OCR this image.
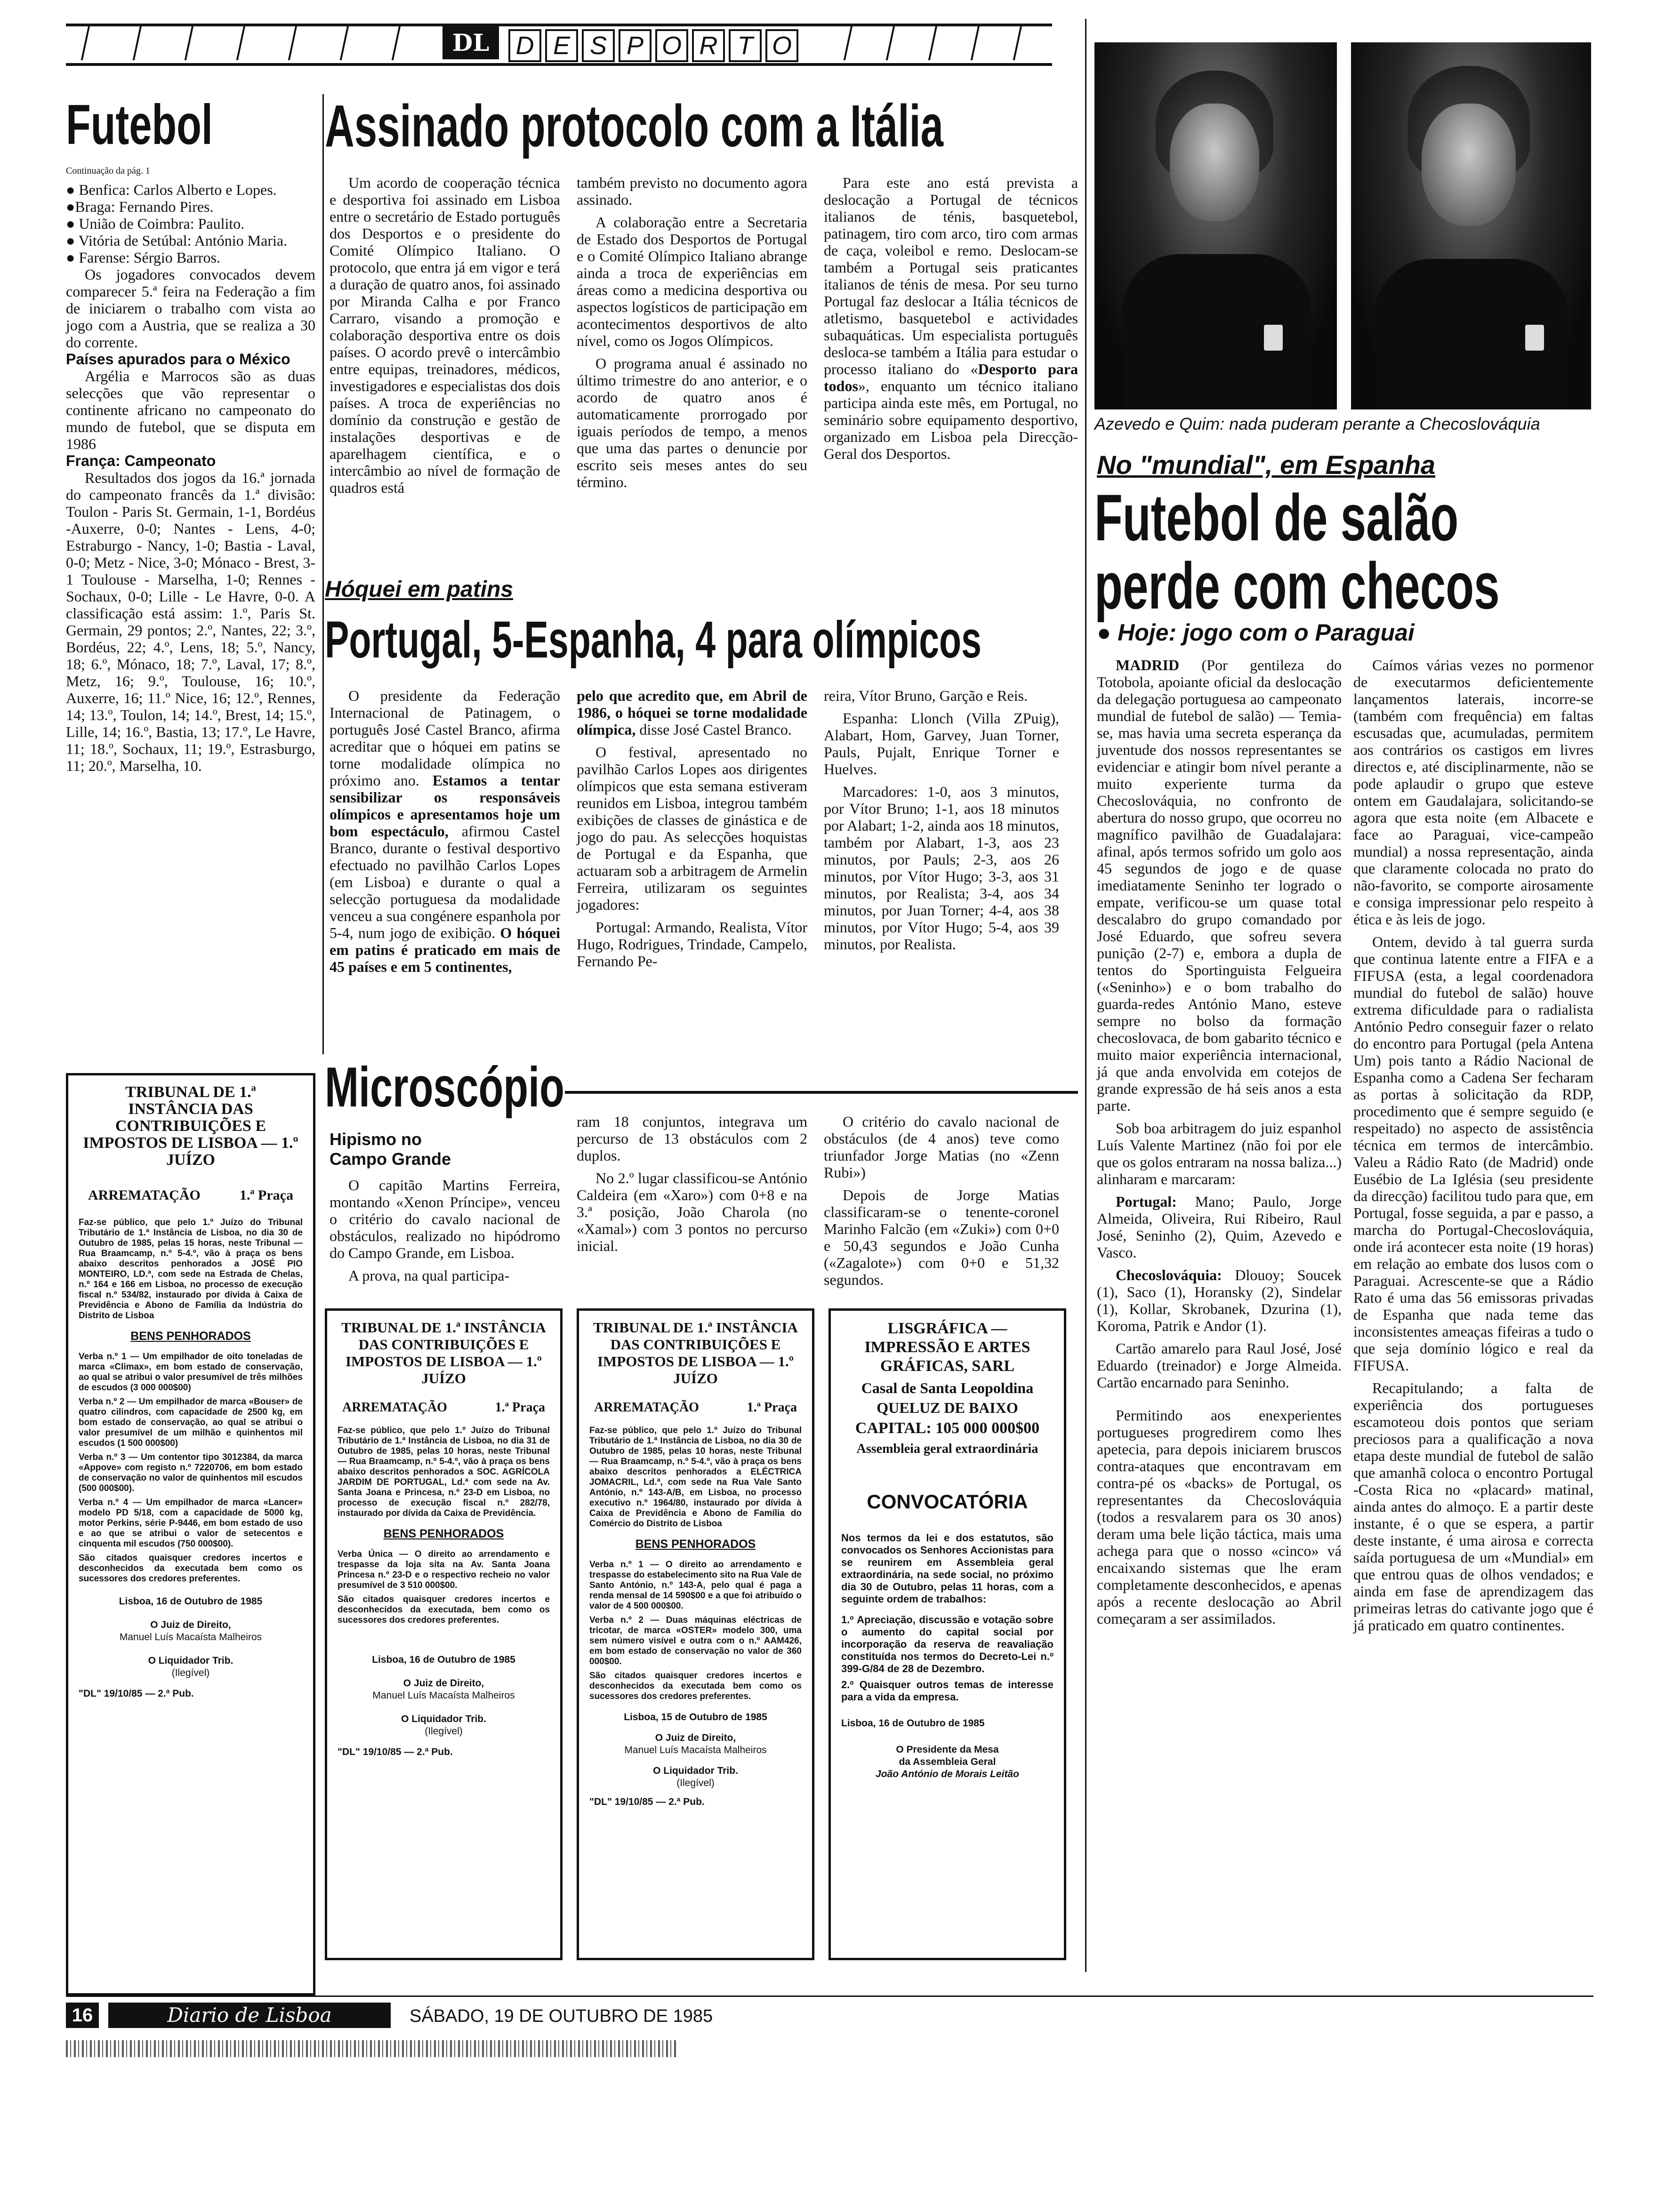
DL	D E S P O R T O
Futebol
Continuação da pág. 1

● Benfica: Carlos Alberto e Lopes.

●Braga: Fernando Pires.

● União de Coimbra: Paulito.

● Vitória de Setúbal: António Maria.

● Farense: Sérgio Barros.

Os jogadores convocados devem comparecer 5.ª feira na Federação a fim de iniciarem o trabalho com vista ao jogo com a Austria, que se realiza a 30 do corrente.

Países apurados para o México

Argélia e Marrocos são as duas selecções que vão representar o continente africano no campeonato do mundo de futebol, que se disputa em 1986

França: Campeonato

Resultados dos jogos da 16.ª jornada do campeonato francês da 1.ª divisão: Toulon - Paris St. Germain, 1-1, Bordéus -Auxerre, 0-0; Nantes - Lens, 4-0; Estraburgo - Nancy, 1-0; Bastia - Laval, 0-0; Metz - Nice, 3-0; Mónaco - Brest, 3-1 Toulouse - Marselha, 1-0; Rennes -Sochaux, 0-0; Lille - Le Havre, 0-0. A classificação está assim: 1.º, Paris St. Germain, 29 pontos; 2.º, Nantes, 22; 3.º, Bordéus, 22; 4.º, Lens, 18; 5.º, Nancy, 18; 6.º, Mónaco, 18; 7.º, Laval, 17; 8.º, Metz, 16; 9.º, Toulouse, 16; 10.º, Auxerre, 16; 11.º Nice, 16; 12.º, Rennes, 14; 13.º, Toulon, 14; 14.º, Brest, 14; 15.º, Lille, 14; 16.º, Bastia, 13; 17.º, Le Havre, 11; 18.º, Sochaux, 11; 19.º, Estrasburgo, 11; 20.º, Marselha, 10.

Assinado protocolo com a Itália

Um acordo de cooperação técnica e desportiva foi assinado em Lisboa entre o secretário de Estado português dos Desportos e o presidente do Comité Olímpico Italiano. O protocolo, que entra já em vigor e terá a duração de quatro anos, foi assinado por Miranda Calha e por Franco Carraro, visando a promoção e colaboração desportiva entre os dois países. O acordo prevê o intercâmbio entre equipas, treinadores, médicos, investigadores e especialistas dos dois países. A troca de experiências no domínio da construção e gestão de instalações desportivas e de aparelhagem científica, e o intercâmbio ao nível de formação de quadros está

também previsto no documento agora assinado.

A colaboração entre a Secretaria de Estado dos Desportos de Portugal e o Comité Olímpico Italiano abrange ainda a troca de experiências em áreas como a medicina desportiva ou aspectos logísticos de participação em acontecimentos desportivos de alto nível, como os Jogos Olímpicos.

O programa anual é assinado no último trimestre do ano anterior, e o acordo de quatro anos é automaticamente prorrogado por iguais períodos de tempo, a menos que uma das partes o denuncie por escrito seis meses antes do seu término.

Para este ano está prevista a deslocação a Portugal de técnicos italianos de ténis, basquetebol, patinagem, tiro com arco, tiro com armas de caça, voleibol e remo. Deslocam-se também a Portugal seis praticantes italianos de ténis de mesa. Por seu turno Portugal faz deslocar a Itália técnicos de atletismo, basquetebol e actividades subaquáticas. Um especialista português desloca-se também a Itália para estudar o processo italiano do «Desporto para todos», enquanto um técnico italiano participa ainda este mês, em Portugal, no seminário sobre equipamento desportivo, organizado em Lisboa pela Direcção-Geral dos Desportos.

Azevedo e Quim: nada puderam perante a Checoslováquia
Hóquei em patins
Portugal, 5-Espanha, 4 para olímpicos

O presidente da Federação Internacional de Patinagem, o português José Castel Branco, afirma acreditar que o hóquei em patins se torne modalidade olímpica no próximo ano. Estamos a tentar sensibilizar os responsáveis olímpicos e apresentamos hoje um bom espectáculo, afirmou Castel Branco, durante o festival desportivo efectuado no pavilhão Carlos Lopes (em Lisboa) e durante o qual a selecção portuguesa da modalidade venceu a sua congénere espanhola por 5-4, num jogo de exibição. O hóquei em patins é praticado em mais de 45 países e em 5 continentes,

pelo que acredito que, em Abril de 1986, o hóquei se torne modalidade olímpica, disse José Castel Branco.

O festival, apresentado no pavilhão Carlos Lopes aos dirigentes olímpicos que esta semana estiveram reunidos em Lisboa, integrou também exibições de classes de ginástica e de jogo do pau. As selecções hoquistas de Portugal e da Espanha, que actuaram sob a arbitragem de Armelin Ferreira, utilizaram os seguintes jogadores:

Portugal: Armando, Realista, Vítor Hugo, Rodrigues, Trindade, Campelo, Fernando Pe-

reira, Vítor Bruno, Garção e Reis.

Espanha: Llonch (Villa ZPuig), Alabart, Hom, Garvey, Juan Torner, Pauls, Pujalt, Enrique Torner e Huelves.

Marcadores: 1-0, aos 3 minutos, por Vítor Bruno; 1-1, aos 18 minutos por Alabart; 1-2, ainda aos 18 minutos, também por Alabart, 1-3, aos 23 minutos, por Pauls; 2-3, aos 26 minutos, por Vítor Hugo; 3-3, aos 31 minutos, por Realista; 3-4, aos 34 minutos, por Juan Torner; 4-4, aos 38 minutos, por Vítor Hugo; 5-4, aos 39 minutos, por Realista.

No "mundial", em Espanha
Futebol de salão
perde com checos
● Hoje: jogo com o Paraguai

MADRID (Por gentileza do Totobola, apoiante oficial da deslocação da delegação portuguesa ao campeonato mundial de futebol de salão) — Temia-se, mas havia uma secreta esperança da juventude dos nossos representantes se evidenciar e atingir bom nível perante a muito experiente turma da Checoslováquia, no confronto de abertura do nosso grupo, que ocorreu no magnífico pavilhão de Guadalajara: afinal, após termos sofrido um golo aos 45 segundos de jogo e de quase imediatamente Seninho ter logrado o empate, verificou-se um quase total descalabro do grupo comandado por José Eduardo, que sofreu severa punição (2-7) e, embora a dupla de tentos do Sportinguista Felgueira («Seninho») e o bom trabalho do guarda-redes António Mano, esteve sempre no bolso da formação checoslovaca, de bom gabarito técnico e muito maior experiência internacional, já que anda envolvida em cotejos de grande expressão de há seis anos a esta parte.

Sob boa arbitragem do juiz espanhol Luís Valente Martinez (não foi por ele que os golos entraram na nossa baliza...) alinharam e marcaram:

Portugal: Mano; Paulo, Jorge Almeida, Oliveira, Rui Ribeiro, Raul José, Seninho (2), Quim, Azevedo e Vasco.

Checoslováquia: Dlouoy; Soucek (1), Saco (1), Horansky (2), Sindelar (1), Kollar, Skrobanek, Dzurina (1), Koroma, Patrik e Andor (1).

Cartão amarelo para Raul José, José Eduardo (treinador) e Jorge Almeida. Cartão encarnado para Seninho.

Permitindo aos enexperientes portugueses progredirem como lhes apetecia, para depois iniciarem bruscos contra-ataques que encontravam em contra-pé os «backs» de Portugal, os representantes da Checoslováquia (todos a resvalarem para os 30 anos) deram uma bele lição táctica, mais uma achega para que o nosso «cinco» vá encaixando sistemas que lhe eram completamente desconhecidos, e apenas após a recente deslocação ao Abril começaram a ser assimilados.

Caímos várias vezes no pormenor de executarmos deficientemente lançamentos laterais, incorre-se (também com frequência) em faltas escusadas que, acumuladas, permitem aos contrários os castigos em livres directos e, até disciplinarmente, não se pode aplaudir o grupo que esteve ontem em Gaudalajara, solicitando-se agora que esta noite (em Albacete e face ao Paraguai, vice-campeão mundial) a nossa representação, ainda que claramente colocada no prato do não-favorito, se comporte airosamente e consiga impressionar pelo respeito à ética e às leis de jogo.

Ontem, devido à tal guerra surda que continua latente entre a FIFA e a FIFUSA (esta, a legal coordenadora mundial do futebol de salão) houve extrema dificuldade para o radialista António Pedro conseguir fazer o relato do encontro para Portugal (pela Antena Um) pois tanto a Rádio Nacional de Espanha como a Cadena Ser fecharam as portas à solicitação da RDP, procedimento que é sempre seguido (e respeitado) no aspecto de assistência técnica em termos de intercâmbio. Valeu a Rádio Rato (de Madrid) onde Eusébio de La Iglésia (seu presidente da direcção) facilitou tudo para que, em Portugal, fosse seguida, a par e passo, a marcha do Portugal-Checoslováquia, onde irá acontecer esta noite (19 horas) em relação ao embate dos lusos com o Paraguai. Acrescente-se que a Rádio Rato é uma das 56 emissoras privadas de Espanha que nada teme das inconsistentes ameaças fifeiras a tudo o que seja domínio lógico e real da FIFUSA.

Recapitulando; a falta de experiência dos portugueses escamoteou dois pontos que seriam preciosos para a qualificação a nova etapa deste mundial de futebol de salão que amanhã coloca o encontro Portugal -Costa Rica no «placard» matinal, ainda antes do almoço. E a partir deste instante, é o que se espera, a partir deste instante, é uma airosa e correcta saída portuguesa de um «Mundial» em que entrou quas de olhos vendados; e ainda em fase de aprendizagem das primeiras letras do cativante jogo que é já praticado em quatro continentes.

Microscópio
Hipismo no
Campo Grande

O capitão Martins Ferreira, montando «Xenon Príncipe», venceu o critério do cavalo nacional de obstáculos, realizado no hipódromo do Campo Grande, em Lisboa.

A prova, na qual participa-

ram 18 conjuntos, integrava um percurso de 13 obstáculos com 2 duplos.

No 2.º lugar classificou-se António Caldeira (em «Xaro») com 0+8 e na 3.ª posição, João Charola (no «Xamal») com 3 pontos no percurso inicial.

O critério do cavalo nacional de obstáculos (de 4 anos) teve como triunfador Jorge Matias (no «Zenn Rubi»)

Depois de Jorge Matias classificaram-se o tenente-coronel Marinho Falcão (em «Zuki») com 0+0 e 50,43 segundos e João Cunha («Zagalote») com 0+0 e 51,32 segundos.

TRIBUNAL DE 1.ª INSTÂNCIA DAS CONTRIBUIÇÕES E IMPOSTOS DE LISBOA — 1.º JUÍZO
ARREMATAÇÃO	1.ª Praça

Faz-se público, que pelo 1.º Juízo do Tribunal Tributário de 1.ª Instância de Lisboa, no dia 30 de Outubro de 1985, pelas 15 horas, neste Tribunal — Rua Braamcamp, n.º 5-4.º, vão à praça os bens abaixo descritos penhorados a JOSÉ PIO MONTEIRO, LD.ª, com sede na Estrada de Chelas, n.º 164 e 166 em Lisboa, no processo de execução fiscal n.º 534/82, instaurado por dívida à Caixa de Previdência e Abono de Família da Indústria do Distrito de Lisboa

BENS PENHORADOS

Verba n.º 1 — Um empilhador de oito toneladas de marca «Climax», em bom estado de conservação, ao qual se atribui o valor presumível de três milhões de escudos (3 000 000$00)

Verba n.º 2 — Um empilhador de marca «Bouser» de quatro cilindros, com capacidade de 2500 kg, em bom estado de conservação, ao qual se atribui o valor presumível de um milhão e quinhentos mil escudos (1 500 000$00)

Verba n.º 3 — Um contentor tipo 3012384, da marca «Appove» com registo n.º 7220706, em bom estado de conservação no valor de quinhentos mil escudos (500 000$00).

Verba n.º 4 — Um empilhador de marca «Lancer» modelo PD 5/18, com a capacidade de 5000 kg, motor Perkins, série P-9446, em bom estado de uso e ao que se atribui o valor de setecentos e cinquenta mil escudos (750 000$00).

São citados quaisquer credores incertos e desconhecidos da executada bem como os sucessores dos credores preferentes.

Lisboa, 16 de Outubro de 1985
O Juiz de Direito,
Manuel Luís Macaísta Malheiros
O Liquidador Trib.
(Ilegível)
"DL" 19/10/85 — 2.ª Pub.
TRIBUNAL DE 1.ª INSTÂNCIA DAS CONTRIBUIÇÕES E IMPOSTOS DE LISBOA — 1.º JUÍZO
ARREMATAÇÃO	1.ª Praça

Faz-se público, que pelo 1.º Juízo do Tribunal Tributário de 1.ª Instância de Lisboa, no dia 31 de Outubro de 1985, pelas 10 horas, neste Tribunal — Rua Braamcamp, n.º 5-4.º, vão à praça os bens abaixo descritos penhorados a SOC. AGRÍCOLA JARDIM DE PORTUGAL, Ld.ª com sede na Av. Santa Joana e Princesa, n.º 23-D em Lisboa, no processo de execução fiscal n.º 282/78, instaurado por dívida da Caixa de Previdência.

BENS PENHORADOS

Verba Única — O direito ao arrendamento e trespasse da loja sita na Av. Santa Joana Princesa n.º 23-D e o respectivo recheio no valor presumível de 3 510 000$00.

São citados quaisquer credores incertos e desconhecidos da executada, bem como os sucessores dos credores preferentes.

Lisboa, 16 de Outubro de 1985
O Juiz de Direito,
Manuel Luís Macaísta Malheiros
O Liquidador Trib.
(Ilegível)
"DL" 19/10/85 — 2.ª Pub.
TRIBUNAL DE 1.ª INSTÂNCIA DAS CONTRIBUIÇÕES E IMPOSTOS DE LISBOA — 1.º JUÍZO
ARREMATAÇÃO	1.ª Praça

Faz-se público, que pelo 1.º Juízo do Tribunal Tributário de 1.ª Instância de Lisboa, no dia 30 de Outubro de 1985, pelas 10 horas, neste Tribunal — Rua Braamcamp, n.º 5-4.º, vão à praça os bens abaixo descritos penhorados a ELÉCTRICA JOMACRIL, Ld.ª, com sede na Rua Vale Santo António, n.º 143-A/B, em Lisboa, no processo executivo n.º 1964/80, instaurado por dívida à Caixa de Previdência e Abono de Família do Comércio do Distrito de Lisboa

BENS PENHORADOS

Verba n.º 1 — O direito ao arrendamento e trespasse do estabelecimento sito na Rua Vale de Santo António, n.º 143-A, pelo qual é paga a renda mensal de 14 590$00 e a que foi atribuído o valor de 4 500 000$00.

Verba n.º 2 — Duas máquinas eléctricas de tricotar, de marca «OSTER» modelo 300, uma sem número visível e outra com o n.º AAM426, em bom estado de conservação no valor de 360 000$00.

São citados quaisquer credores incertos e desconhecidos da executada bem como os sucessores dos credores preferentes.

Lisboa, 15 de Outubro de 1985
O Juiz de Direito,
Manuel Luís Macaísta Malheiros
O Liquidador Trib.
(Ilegível)
"DL" 19/10/85 — 2.ª Pub.
LISGRÁFICA — IMPRESSÃO E ARTES GRÁFICAS, SARL
Casal de Santa Leopoldina
QUELUZ DE BAIXO
CAPITAL: 105 000 000$00
Assembleia geral extraordinária
CONVOCATÓRIA

Nos termos da lei e dos estatutos, são convocados os Senhores Accionistas para se reunirem em Assembleia geral extraordinária, na sede social, no próximo dia 30 de Outubro, pelas 11 horas, com a seguinte ordem de trabalhos:

1.º Apreciação, discussão e votação sobre o aumento do capital social por incorporação da reserva de reavaliação constituída nos termos do Decreto-Lei n.º 399-G/84 de 28 de Dezembro.

2.º Quaisquer outros temas de interesse para a vida da empresa.

Lisboa, 16 de Outubro de 1985
O Presidente da Mesa
da Assembleia Geral
João António de Morais Leitão
16	Diario de Lisboa	SÁBADO, 19 DE OUTUBRO DE 1985
